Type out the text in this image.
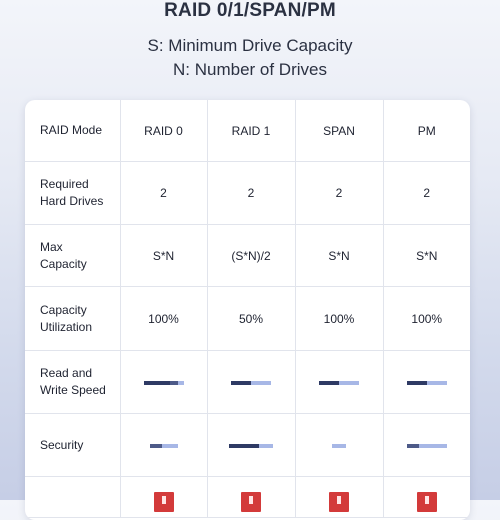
RAID 0/1/SPAN/PM
S: Minimum Drive Capacity
N: Number of Drives
RAID Mode	RAID 0	RAID 1	SPAN	PM
Required
Hard Drives	2	2	2	2
Max
Capacity	S*N	(S*N)/2	S*N	S*N
Capacity
Utilization	100%	50%	100%	100%
Read and
Write Speed	

Security	
